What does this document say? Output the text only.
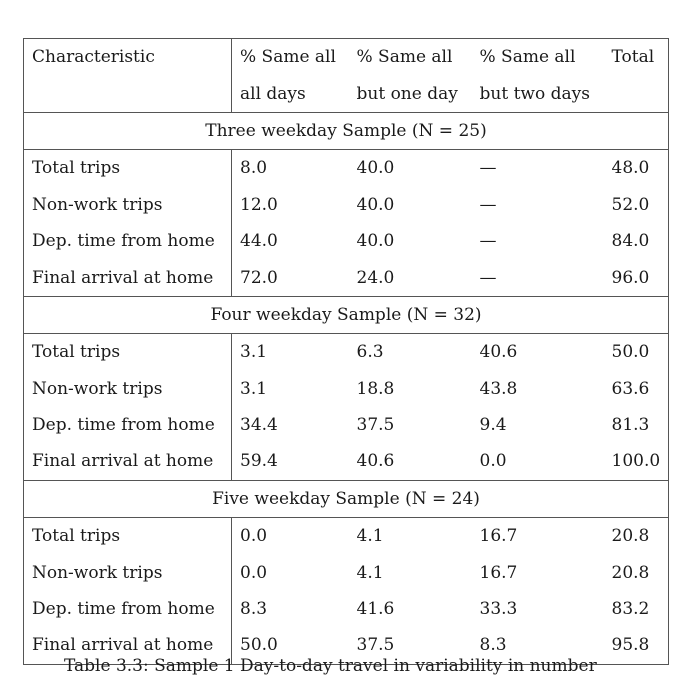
Characteristic	% Same all	% Same all	% Same all	Total
	all days	but one day	but two days	
Three weekday Sample (N = 25)				
Total trips	8.0	40.0	—	48.0
Non-work trips	12.0	40.0	—	52.0
Dep. time from home	44.0	40.0	—	84.0
Final arrival at home	72.0	24.0	—	96.0
Four weekday Sample (N = 32)				
Total trips	3.1	6.3	40.6	50.0
Non-work trips	3.1	18.8	43.8	63.6
Dep. time from home	34.4	37.5	9.4	81.3
Final arrival at home	59.4	40.6	0.0	100.0
Five weekday Sample (N = 24)				
Total trips	0.0	4.1	16.7	20.8
Non-work trips	0.0	4.1	16.7	20.8
Dep. time from home	8.3	41.6	33.3	83.2
Final arrival at home	50.0	37.5	8.3	95.8
Table 3.3: Sample 1 Day-to-day travel in variability in number
